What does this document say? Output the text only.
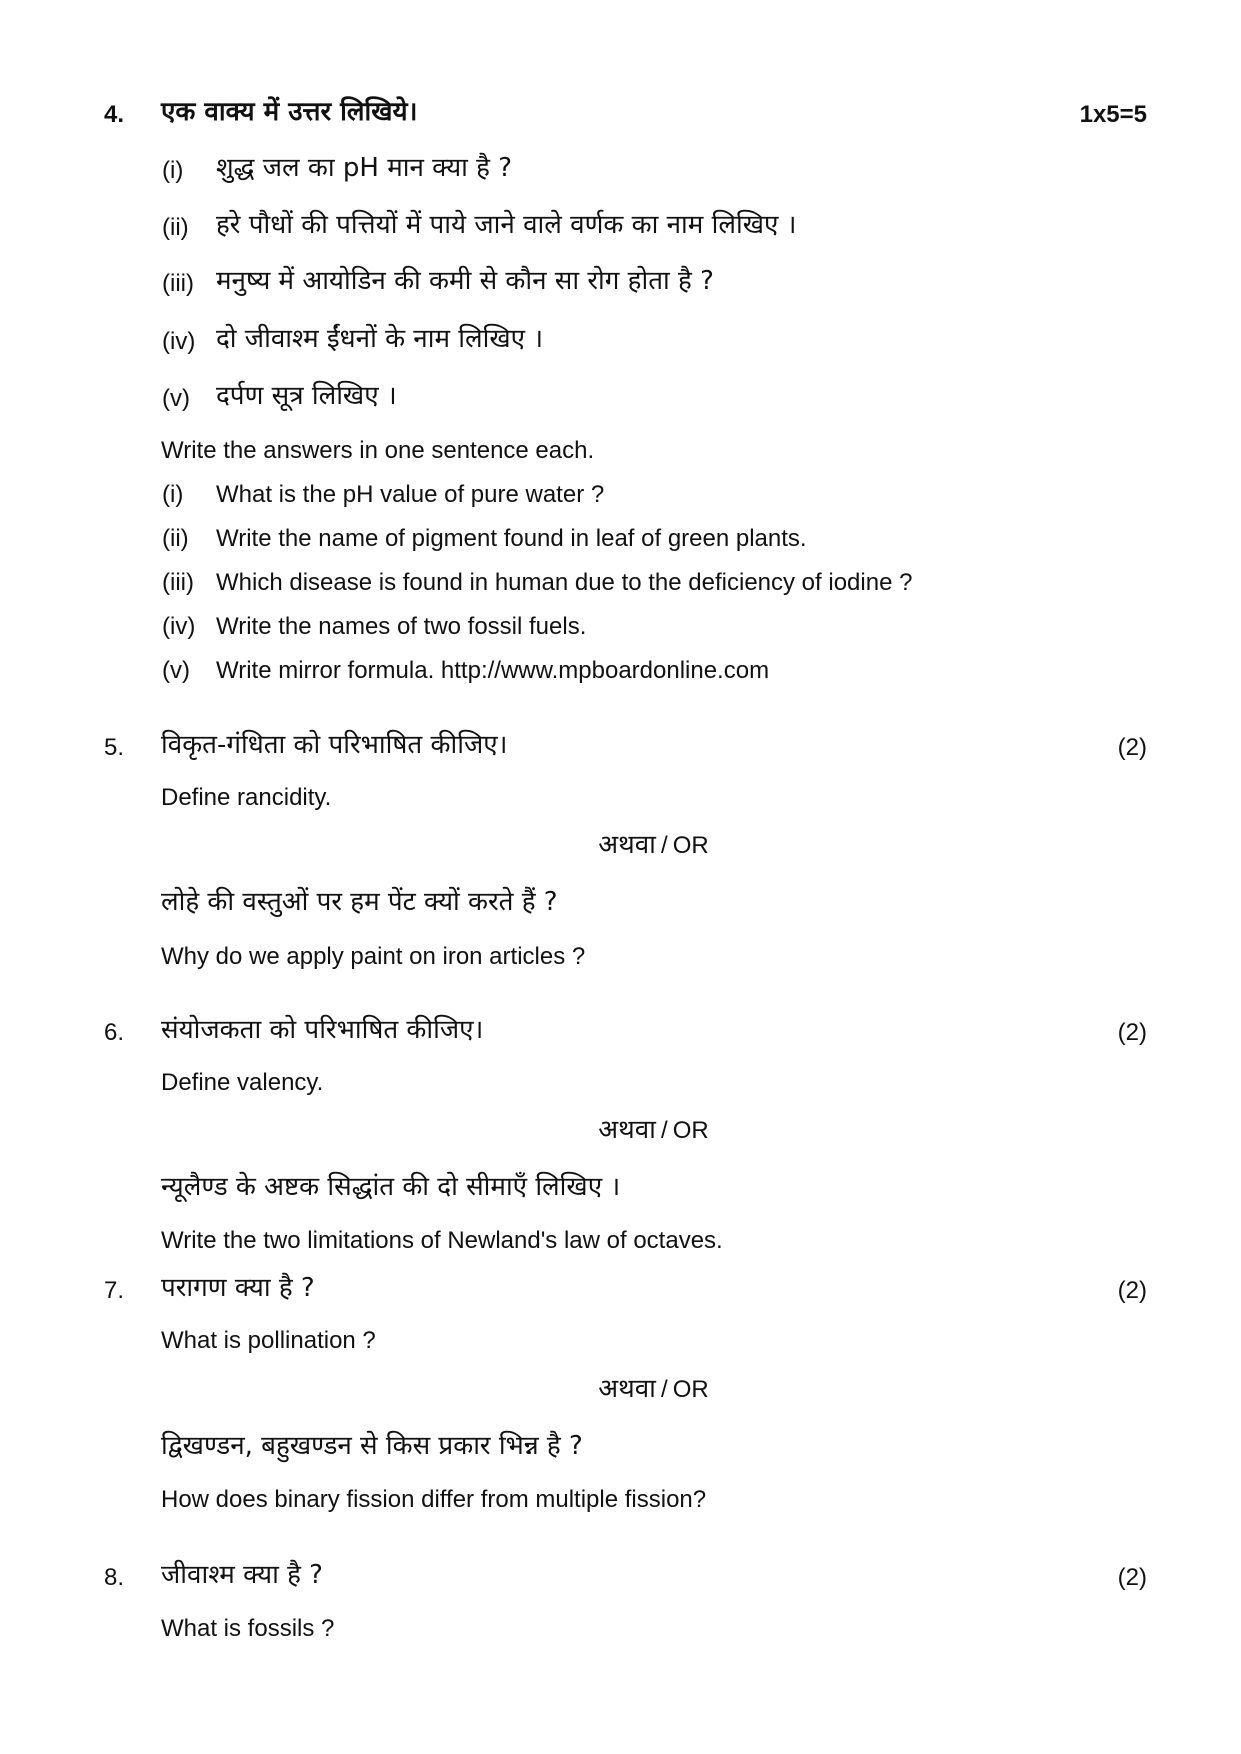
4. एक वाक्य में उत्तर लिखिये।	1x5=5
(i) शुद्ध जल का pH मान क्या है ?
(ii) हरे पौधों की पत्तियों में पाये जाने वाले वर्णक का नाम लिखिए ।
(iii) मनुष्य में आयोडिन की कमी से कौन सा रोग होता है ?
(iv) दो जीवाश्म ईंधनों के नाम लिखिए ।
(v) दर्पण सूत्र लिखिए ।
Write the answers in one sentence each.
(i) What is the pH value of pure water ?
(ii) Write the name of pigment found in leaf of green plants.
(iii) Which disease is found in human due to the deficiency of iodine ?
(iv) Write the names of two fossil fuels.
(v) Write mirror formula. http://www.mpboardonline.com
5. विकृत-गंधिता को परिभाषित कीजिए।	(2)
Define rancidity.
अथवा / OR
लोहे की वस्तुओं पर हम पेंट क्यों करते हैं ?
Why do we apply paint on iron articles ?
6. संयोजकता को परिभाषित कीजिए।	(2)
Define valency.
अथवा / OR
न्यूलैण्ड के अष्टक सिद्धांत की दो सीमाएँ लिखिए ।
Write the two limitations of Newland's law of octaves.
7. परागण क्या है ?	(2)
What is pollination ?
अथवा / OR
द्विखण्डन, बहुखण्डन से किस प्रकार भिन्न है ?
How does binary fission differ from multiple fission?
8. जीवाश्म क्या है ?	(2)
What is fossils ?
